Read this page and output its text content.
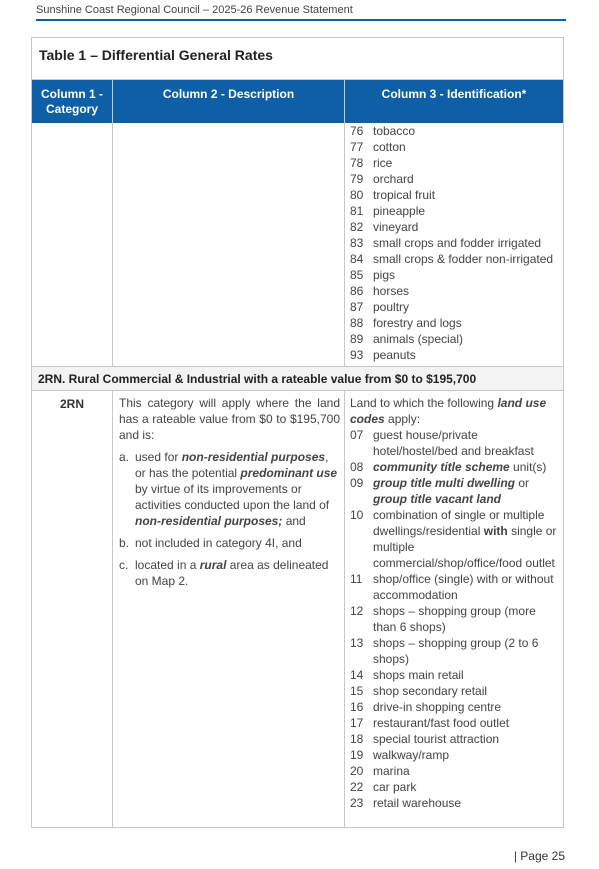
Sunshine Coast Regional Council – 2025-26 Revenue Statement
Table 1 – Differential General Rates
Column 1 - Category
Column 2 - Description	Column 3 - Identification*
76 tobacco
77 cotton
78 rice
79 orchard
80 tropical fruit
81 pineapple
82 vineyard
83 small crops and fodder irrigated
84 small crops & fodder non-irrigated
85 pigs
86 horses
87 poultry
88 forestry and logs
89 animals (special)
93 peanuts
2RN. Rural Commercial & Industrial with a rateable value from $0 to $195,700
2RN	This category will apply where the land has a rateable value from $0 to $195,700 and is:
a. used for non-residential purposes, or has the potential predominant use by virtue of its improvements or activities conducted upon the land of non-residential purposes; and
b. not included in category 4I, and
c. located in a rural area as delineated on Map 2.
Land to which the following land use codes apply:
07 guest house/private hotel/hostel/bed and breakfast
08 community title scheme unit(s)
09 group title multi dwelling or group title vacant land
10 combination of single or multiple dwellings/residential with single or multiple commercial/shop/office/food outlet
11 shop/office (single) with or without accommodation
12 shops – shopping group (more than 6 shops)
13 shops – shopping group (2 to 6 shops)
14 shops main retail
15 shop secondary retail
16 drive-in shopping centre
17 restaurant/fast food outlet
18 special tourist attraction
19 walkway/ramp
20 marina
22 car park
23 retail warehouse
| Page 25
